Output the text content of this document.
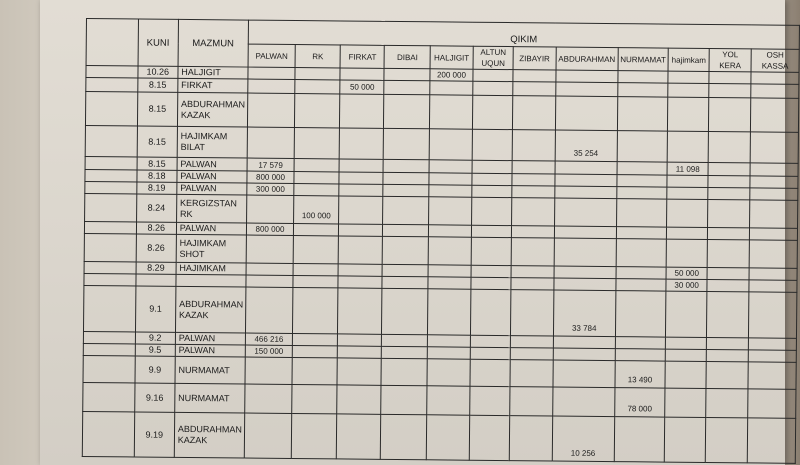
	KUNI	MAZMUN	QIKIM											
			PALWAN	RK	FIRKAT	DIBAI	HALJIGIT	ALTUN UQUN	ZIBAYIR	ABDURAHMAN	NURMAMAT	hajimkam	YOL KERA	OSH KASSA
	10.26	HALJIGIT					200 000							
	8.15	FIRKAT			50 000									
	8.15	ABDURAHMAN KAZAK												
	8.15	HAJIMKAM BILAT								35 254				
	8.15	PALWAN	17 579									11 098		
	8.18	PALWAN	800 000											
	8.19	PALWAN	300 000											
	8.24	KERGIZSTAN RK		100 000										
	8.26	PALWAN	800 000											
	8.26	HAJIMKAM SHOT												
	8.29	HAJIMKAM										50 000		
												30 000		
	9.1	ABDURAHMAN KAZAK								33 784				
	9.2	PALWAN	466 216											
	9.5	PALWAN	150 000											
	9.9	NURMAMAT									13 490			
	9.16	NURMAMAT									78 000			
	9.19	ABDURAHMAN KAZAK								10 256				
